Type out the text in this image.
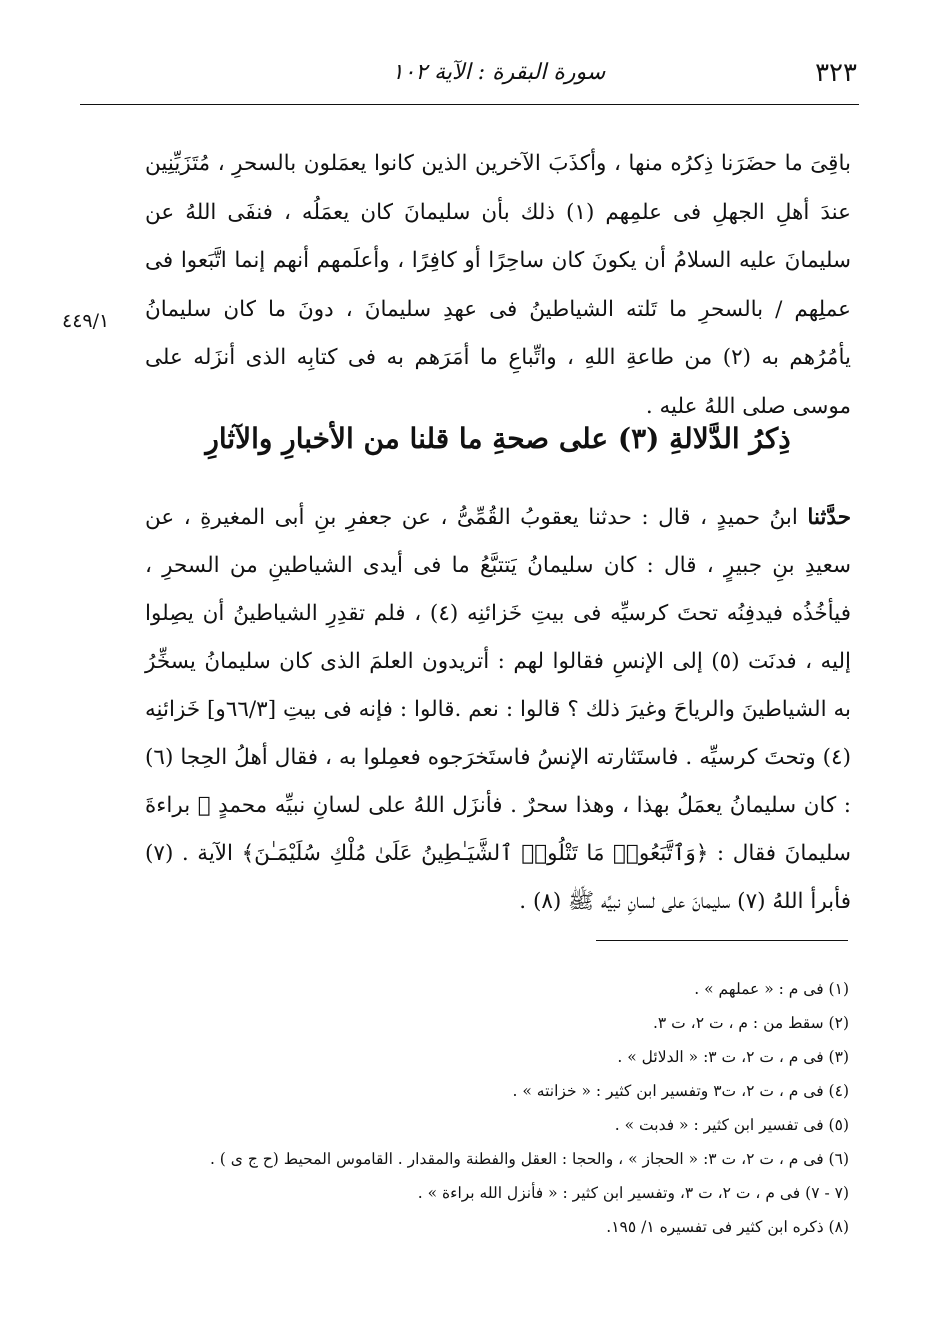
٣٢٣
سورة البقرة : الآية ١٠٢
٤٤٩/١

باقِىَ ما حضَرَنا ذِكرُه منها ، وأكذَبَ الآخرين الذين كانوا يعمَلون بالسحرِ ، مُتَزَيِّنِين عندَ أهلِ الجهلِ فى علمِهم (١) ذلك بأن سليمانَ كان يعمَلُه ، فنفَى اللهُ عن سليمانَ عليه السلامُ أن يكونَ كان ساحِرًا أو كافِرًا ، وأعلَمهم أنهم إنما اتَّبَعوا فى عملِهم / بالسحرِ ما تَلته الشياطينُ فى عهدِ سليمانَ ، دونَ ما كان سليمانُ يأمُرُهم به (٢) من طاعةِ اللهِ ، واتِّباعِ ما أمَرَهم به فى كتابِه الذى أنزَله على موسى صلى اللهُ عليه .

ذِكرُ الدَّلالةِ (٣) على صحةِ ما قلنا من الأخبارِ والآثارِ

حدَّثنا ابنُ حميدٍ ، قال : حدثنا يعقوبُ القُمِّىُّ ، عن جعفرِ بنِ أبى المغيرةِ ، عن سعيدِ بنِ جبيرٍ ، قال : كان سليمانُ يَتتبَّعُ ما فى أيدى الشياطينِ من السحرِ ، فيأخُذُه فيدفِنُه تحتَ كرسيِّه فى بيتِ خَزائنِه (٤) ، فلم تقدِرِ الشياطينُ أن يصِلوا إليه ، فدنَت (٥) إلى الإنسِ فقالوا لهم : أتريدون العلمَ الذى كان سليمانُ يسخِّرُ به الشياطينَ والرياحَ وغيرَ ذلك ؟ قالوا : نعم .قالوا : فإنه فى بيتِ [٦٦/٣و] خَزائنِه (٤) وتحتَ كرسيِّه . فاستَثارته الإنسُ فاستَخرَجوه فعمِلوا به ، فقال أهلُ الحِجا (٦) : كان سليمانُ يعمَلُ بهذا ، وهذا سحرٌ . فأنزَل اللهُ على لسانِ نبيِّه محمدٍ ﷺ براءةَ سليمانَ فقال : ﴿وَٱتَّبَعُوا۟ مَا تَتْلُوا۟ ٱلشَّيَـٰطِينُ عَلَىٰ مُلْكِ سُلَيْمَـٰنَ﴾ الآية . (٧) فأبرأ اللهُ (٧) سليمانَ على لسانِ نبيِّه ﷺ (٨) .

(١) فى م : « عملهم » .
(٢) سقط من : م ، ت ٢، ت ٣.
(٣) فى م ، ت ٢، ت ٣: « الدلائل » .
(٤) فى م ، ت ٢، ت٣ وتفسير ابن كثير : « خزانته » .
(٥) فى تفسير ابن كثير : « فدبت » .
(٦) فى م ، ت ٢، ت ٣: « الحجاز » ، والحجا : العقل والفطنة والمقدار . القاموس المحيط (ح ج ى ) .
(٧ - ٧) فى م ، ت ٢، ت ٣، وتفسير ابن كثير : « فأنزل الله براءة » .
(٨) ذكره ابن كثير فى تفسيره ١/ ١٩٥.
